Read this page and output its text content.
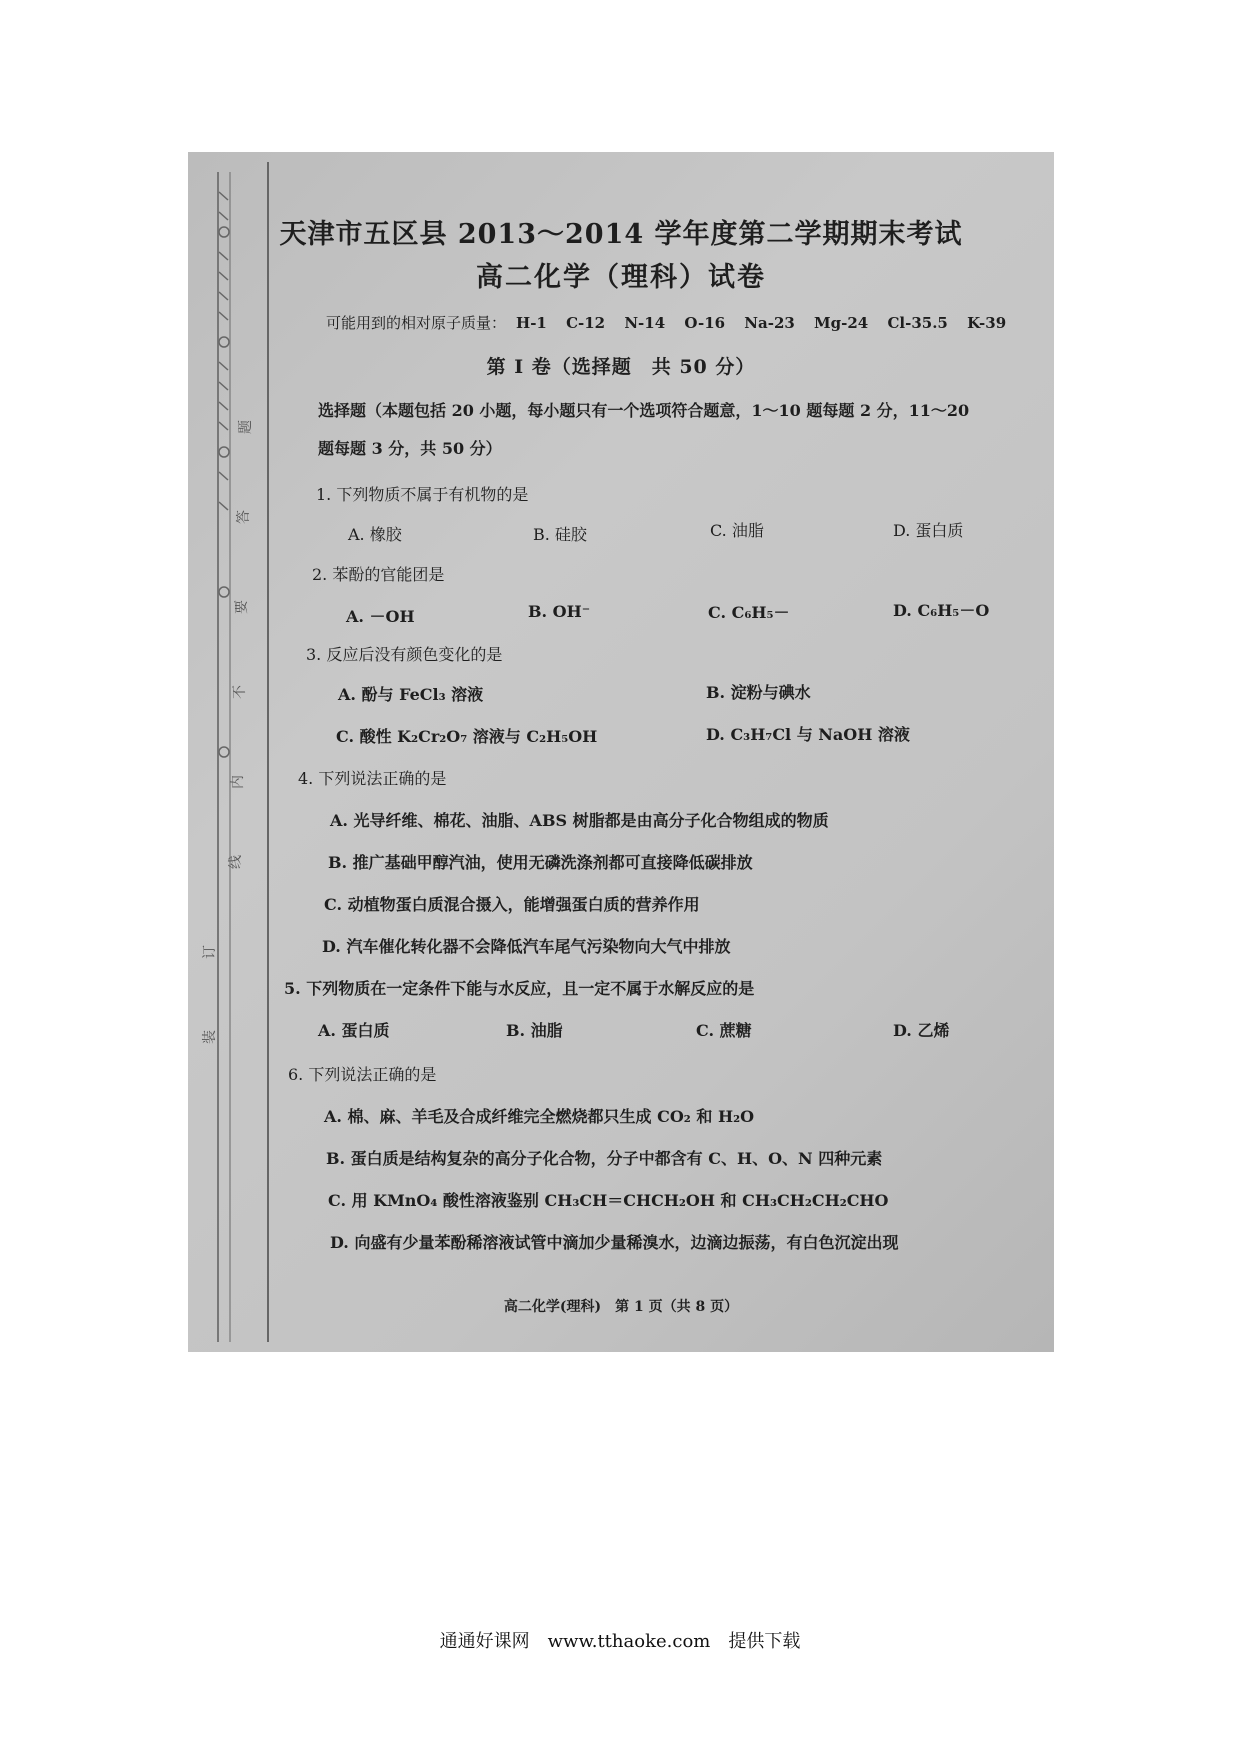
题
答
要
不
内
线
订
装
天津市五区县 2013～2014 学年度第二学期期末考试
高二化学（理科）试卷
可能用到的相对原子质量： H-1 C-12 N-14 O-16 Na-23 Mg-24 Cl-35.5 K-39
第 I 卷（选择题　共 50 分）
选择题（本题包括 20 小题，每小题只有一个选项符合题意，1～10 题每题 2 分，11～20
题每题 3 分，共 50 分）
1. 下列物质不属于有机物的是
A. 橡胶	B. 硅胶	C. 油脂	D. 蛋白质
2. 苯酚的官能团是
A. －OH	B. OH⁻	C. C₆H₅－	D. C₆H₅－O
3. 反应后没有颜色变化的是
A. 酚与 FeCl₃ 溶液	B. 淀粉与碘水
C. 酸性 K₂Cr₂O₇ 溶液与 C₂H₅OH	D. C₃H₇Cl 与 NaOH 溶液
4. 下列说法正确的是
A. 光导纤维、棉花、油脂、ABS 树脂都是由高分子化合物组成的物质
B. 推广基础甲醇汽油，使用无磷洗涤剂都可直接降低碳排放
C. 动植物蛋白质混合摄入，能增强蛋白质的营养作用
D. 汽车催化转化器不会降低汽车尾气污染物向大气中排放
5. 下列物质在一定条件下能与水反应，且一定不属于水解反应的是
A. 蛋白质	B. 油脂	C. 蔗糖	D. 乙烯
6. 下列说法正确的是
A. 棉、麻、羊毛及合成纤维完全燃烧都只生成 CO₂ 和 H₂O
B. 蛋白质是结构复杂的高分子化合物，分子中都含有 C、H、O、N 四种元素
C. 用 KMnO₄ 酸性溶液鉴别 CH₃CH＝CHCH₂OH 和 CH₃CH₂CH₂CHO
D. 向盛有少量苯酚稀溶液试管中滴加少量稀溴水，边滴边振荡，有白色沉淀出现
高二化学(理科)　第 1 页（共 8 页）
通通好课网　www.tthaoke.com　提供下载
